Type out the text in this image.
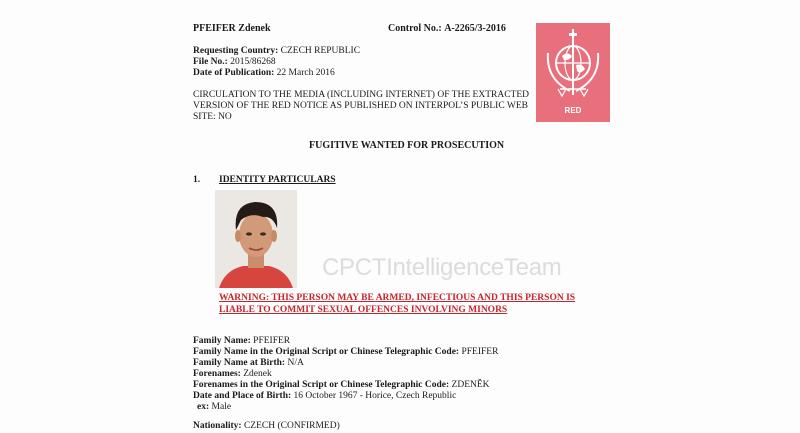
PFEIFER Zdenek	Control No.: A-2265/3-2016
RED
Requesting Country: CZECH REPUBLIC
File No.: 2015/86268
Date of Publication: 22 March 2016
CIRCULATION TO THE MEDIA (INCLUDING INTERNET) OF THE EXTRACTED
VERSION OF THE RED NOTICE AS PUBLISHED ON INTERPOL’S PUBLIC WEB
SITE: NO
FUGITIVE WANTED FOR PROSECUTION
1. IDENTITY PARTICULARS
CPCTIntelligenceTeam
WARNING: THIS PERSON MAY BE ARMED, INFECTIOUS AND THIS PERSON IS
LIABLE TO COMMIT SEXUAL OFFENCES INVOLVING MINORS
Family Name: PFEIFER
Family Name in the Original Script or Chinese Telegraphic Code: PFEIFER
Family Name at Birth: N/A
Forenames: Zdenek
Forenames in the Original Script or Chinese Telegraphic Code: ZDENĚK
Date and Place of Birth: 16 October 1967 - Horice, Czech Republic
ex: Male
Nationality: CZECH (CONFIRMED)
